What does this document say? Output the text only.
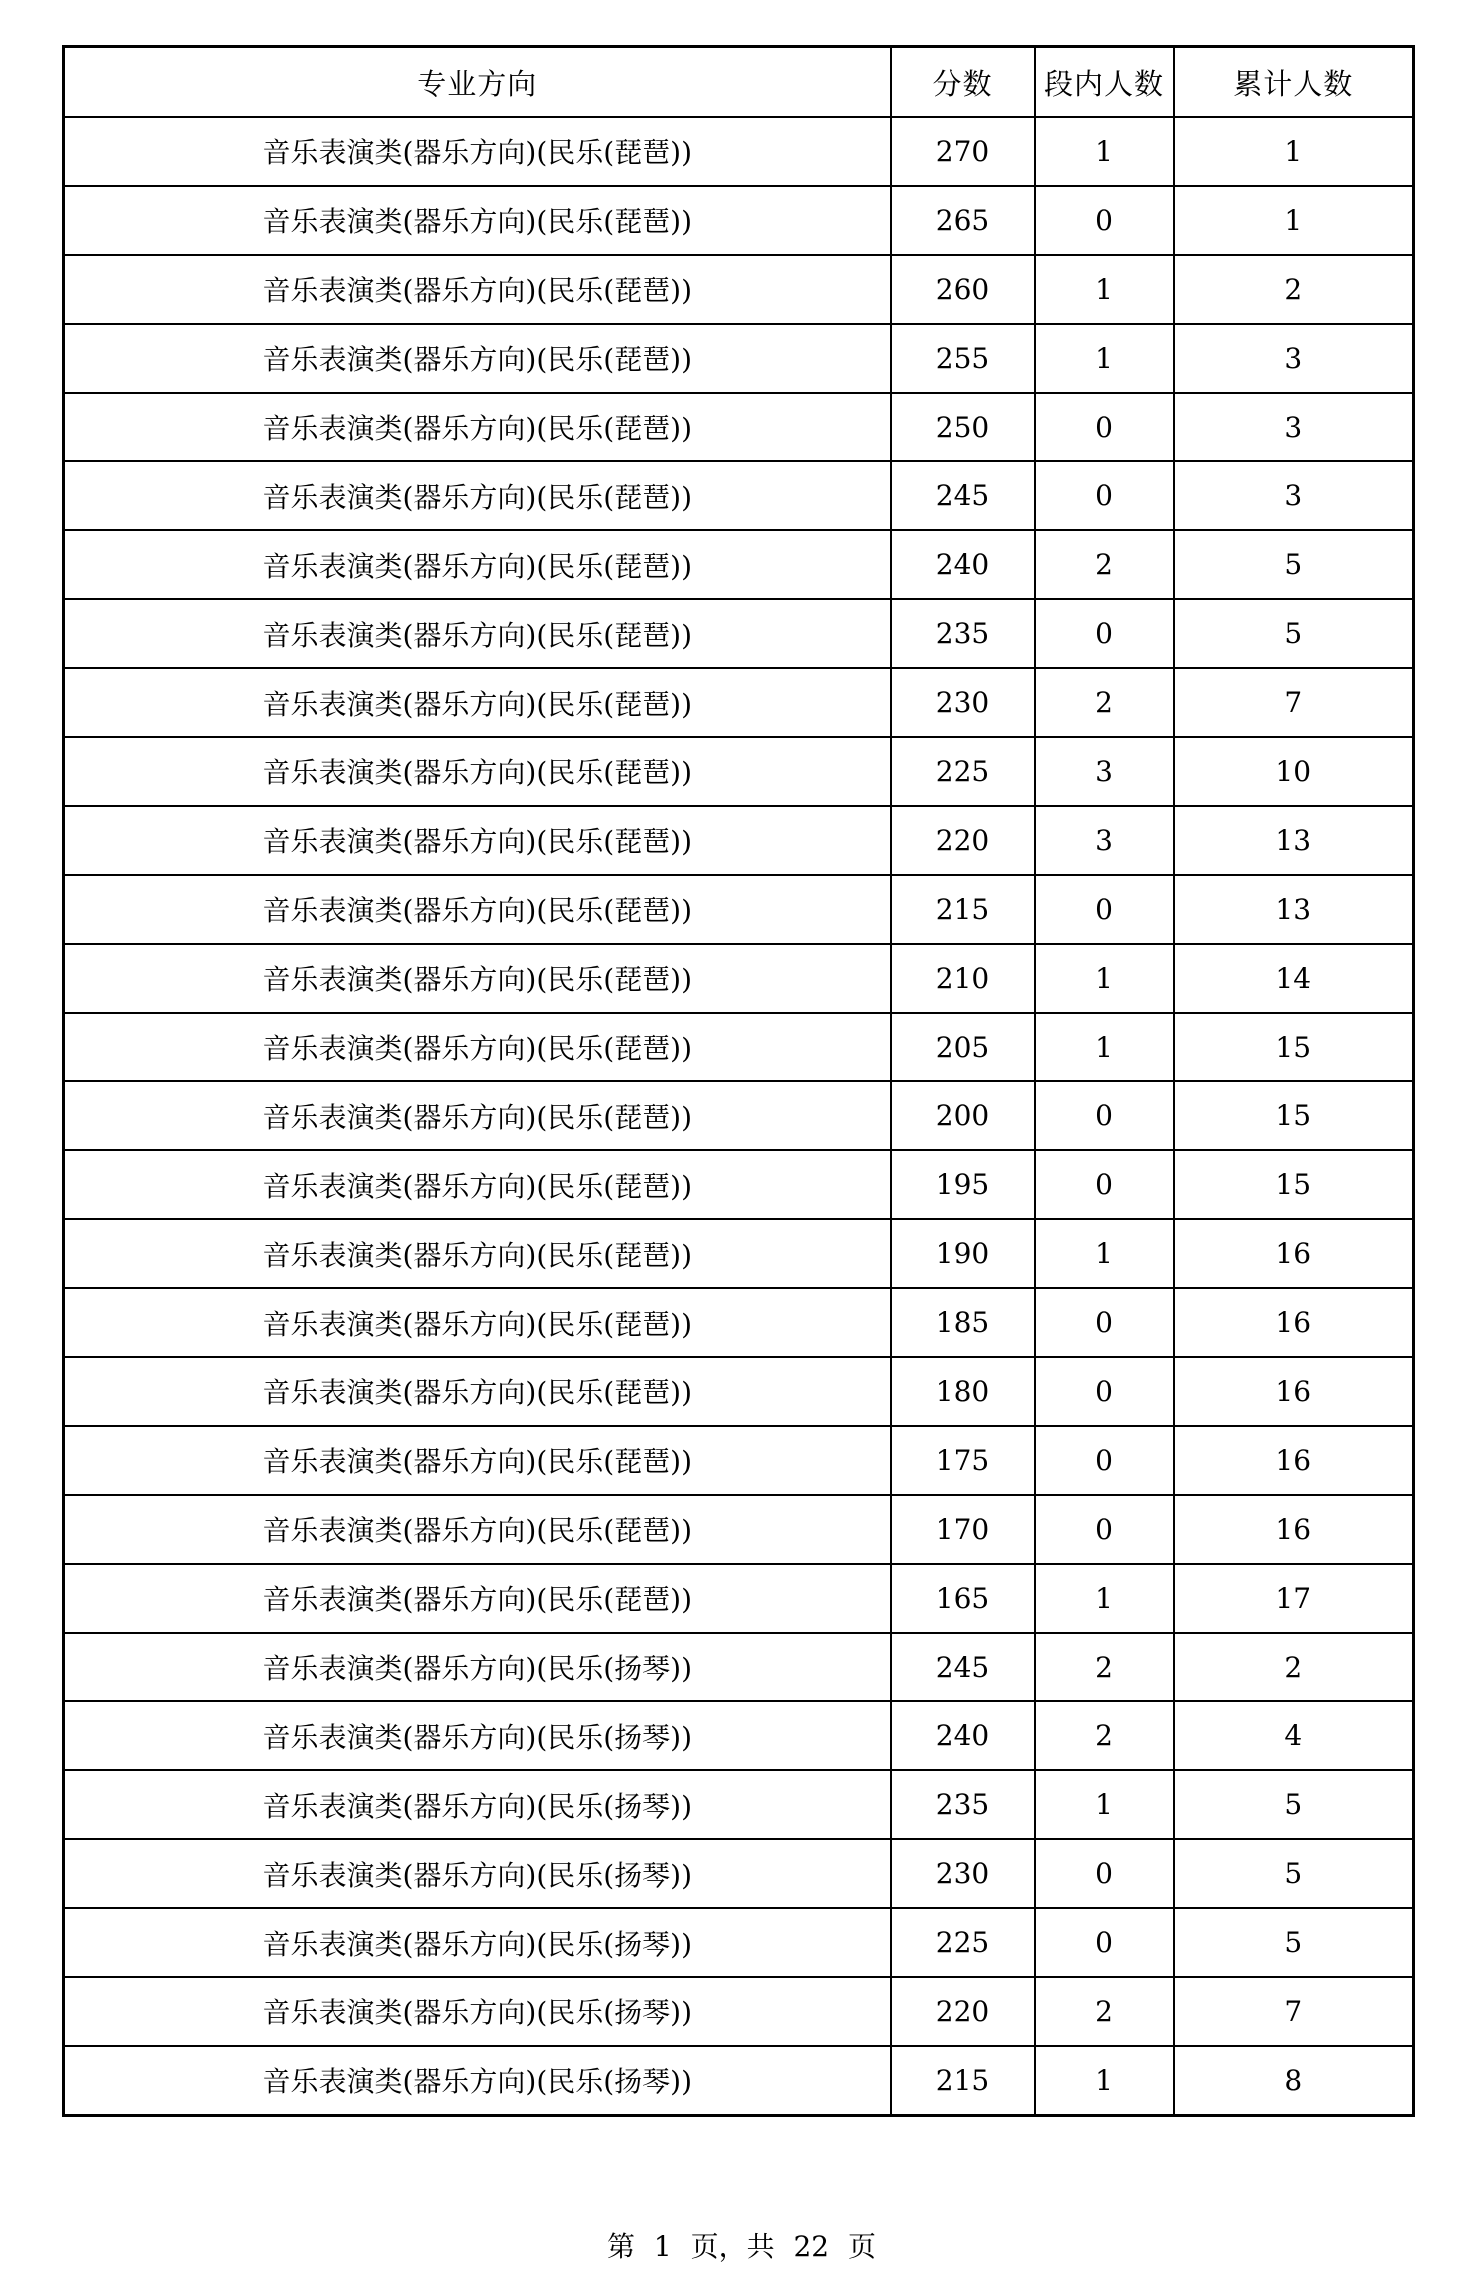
专业方向	分数	段内人数	累计人数
音乐表演类(器乐方向)(民乐(琵琶))	270	1	1
音乐表演类(器乐方向)(民乐(琵琶))	265	0	1
音乐表演类(器乐方向)(民乐(琵琶))	260	1	2
音乐表演类(器乐方向)(民乐(琵琶))	255	1	3
音乐表演类(器乐方向)(民乐(琵琶))	250	0	3
音乐表演类(器乐方向)(民乐(琵琶))	245	0	3
音乐表演类(器乐方向)(民乐(琵琶))	240	2	5
音乐表演类(器乐方向)(民乐(琵琶))	235	0	5
音乐表演类(器乐方向)(民乐(琵琶))	230	2	7
音乐表演类(器乐方向)(民乐(琵琶))	225	3	10
音乐表演类(器乐方向)(民乐(琵琶))	220	3	13
音乐表演类(器乐方向)(民乐(琵琶))	215	0	13
音乐表演类(器乐方向)(民乐(琵琶))	210	1	14
音乐表演类(器乐方向)(民乐(琵琶))	205	1	15
音乐表演类(器乐方向)(民乐(琵琶))	200	0	15
音乐表演类(器乐方向)(民乐(琵琶))	195	0	15
音乐表演类(器乐方向)(民乐(琵琶))	190	1	16
音乐表演类(器乐方向)(民乐(琵琶))	185	0	16
音乐表演类(器乐方向)(民乐(琵琶))	180	0	16
音乐表演类(器乐方向)(民乐(琵琶))	175	0	16
音乐表演类(器乐方向)(民乐(琵琶))	170	0	16
音乐表演类(器乐方向)(民乐(琵琶))	165	1	17
音乐表演类(器乐方向)(民乐(扬琴))	245	2	2
音乐表演类(器乐方向)(民乐(扬琴))	240	2	4
音乐表演类(器乐方向)(民乐(扬琴))	235	1	5
音乐表演类(器乐方向)(民乐(扬琴))	230	0	5
音乐表演类(器乐方向)(民乐(扬琴))	225	0	5
音乐表演类(器乐方向)(民乐(扬琴))	220	2	7
音乐表演类(器乐方向)(民乐(扬琴))	215	1	8
第 1 页，共 22 页
